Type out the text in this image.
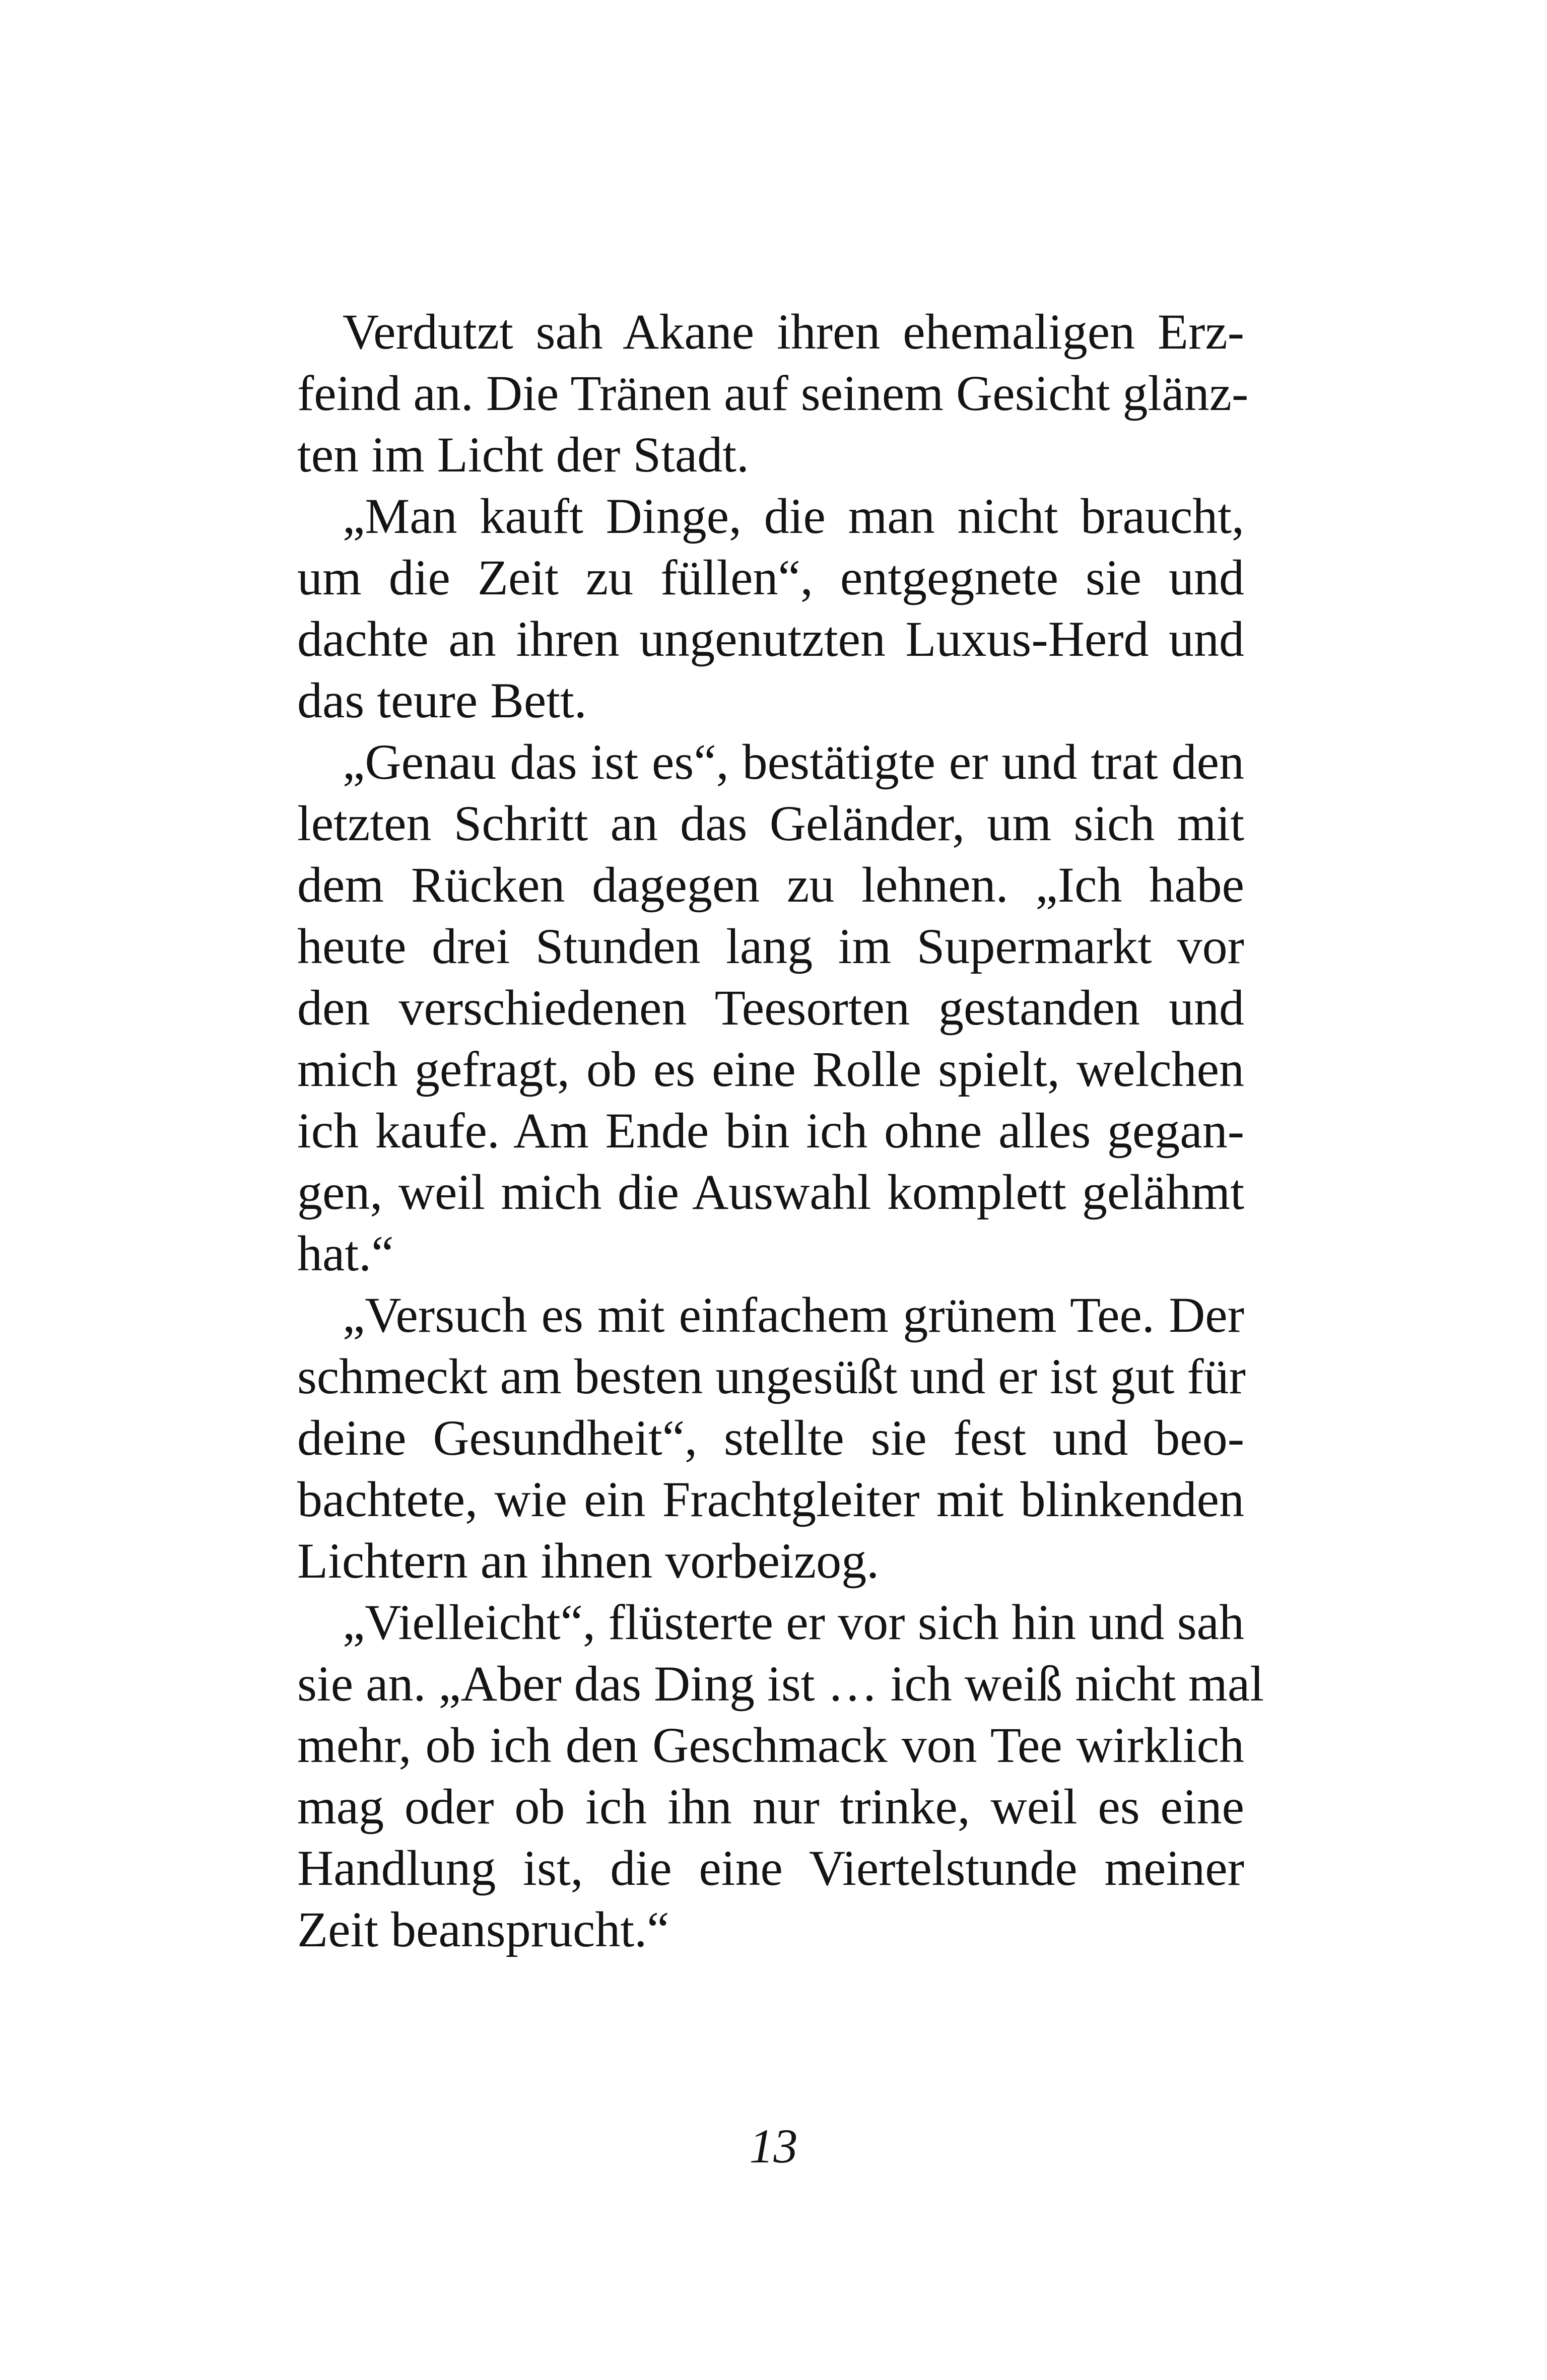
Verdutzt sah Akane ihren ehemaligen Erz-
feind an. Die Tränen auf seinem Gesicht glänz-
ten im Licht der Stadt.
„Man kauft Dinge, die man nicht braucht,
um die Zeit zu füllen“, entgegnete sie und
dachte an ihren ungenutzten Luxus-Herd und
das teure Bett.
„Genau das ist es“, bestätigte er und trat den
letzten Schritt an das Geländer, um sich mit
dem Rücken dagegen zu lehnen. „Ich habe
heute drei Stunden lang im Supermarkt vor
den verschiedenen Teesorten gestanden und
mich gefragt, ob es eine Rolle spielt, welchen
ich kaufe. Am Ende bin ich ohne alles gegan-
gen, weil mich die Auswahl komplett gelähmt
hat.“
„Versuch es mit einfachem grünem Tee. Der
schmeckt am besten ungesüßt und er ist gut für
deine Gesundheit“, stellte sie fest und beo-
bachtete, wie ein Frachtgleiter mit blinkenden
Lichtern an ihnen vorbeizog.
„Vielleicht“, flüsterte er vor sich hin und sah
sie an. „Aber das Ding ist … ich weiß nicht mal
mehr, ob ich den Geschmack von Tee wirklich
mag oder ob ich ihn nur trinke, weil es eine
Handlung ist, die eine Viertelstunde meiner
Zeit beansprucht.“
13
